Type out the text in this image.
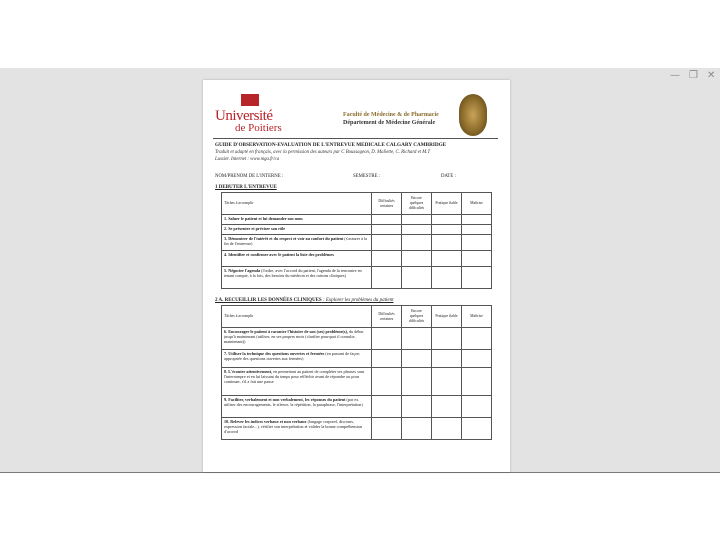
— ❐ ✕
Université
de Poitiers
Faculté de Médecine & de Pharmacie
Département de Médecine Générale
GUIDE D'OBSERVATION-EVALUATION DE L'ENTREVUE MEDICALE CALGARY CAMBRIDGE
Traduit et adapté en français, avec la permission des auteurs par C Boussageon, D. Maliette, C. Richard et M.T
Lussier. Internet : www.mga.fr/ca
NOM/PRENOM DE L'INTERNE :	SEMESTRE :	DATE :
1 DEBUTER L'ENTREVUE
Tâches à accomplir	Difficultés certaines	Encore quelques difficultés	Pratique fiable	Maîtrise
1. Saluer le patient et lui demander son nom				
2. Se présenter et préciser son rôle				
3. Démontrer de l'intérêt et du respect et voir au confort du patient (s'assurer à la fin de l'entrevue)				
4. Identifier et confirmer avec le patient la liste des problèmes				
5. Négocier l'agenda (l'ordre, avec l'accord du patient, l'agenda de la rencontre en tenant compte, à la fois, des besoins du médecin et des raisons cliniques)				
2 A. RECUEILLIR LES DONNÉES CLINIQUES : Explorer les problèmes du patient
Tâches à accomplir	Difficultés certaines	Encore quelques difficultés	Pratique fiable	Maîtrise
6. Encourager le patient à raconter l'histoire de son (ses) problème(s), du début jusqu'à maintenant (utiliser, en ses propres mots (clarifier pourquoi il consulte, maintenant))				
7. Utiliser la technique des questions ouvertes et fermées (en passant de façon appropriée des questions ouvertes aux fermées)				
8. L'écouter attentivement, en permettant au patient de compléter ses phrases sans l'interrompre et en lui laissant du temps pour réfléchir avant de répondre ou pour continuer, s'il a fait une pause				
9. Faciliter, verbalement et non verbalement, les réponses du patient (par ex. utiliser des encouragements, le silence, la répétition, la paraphrase, l'interprétation)				
10. Relever les indices verbaux et non verbaux (langage corporel, discours, expression faciale...), vérifier son interprétation et valider la bonne compréhension d'accord				
